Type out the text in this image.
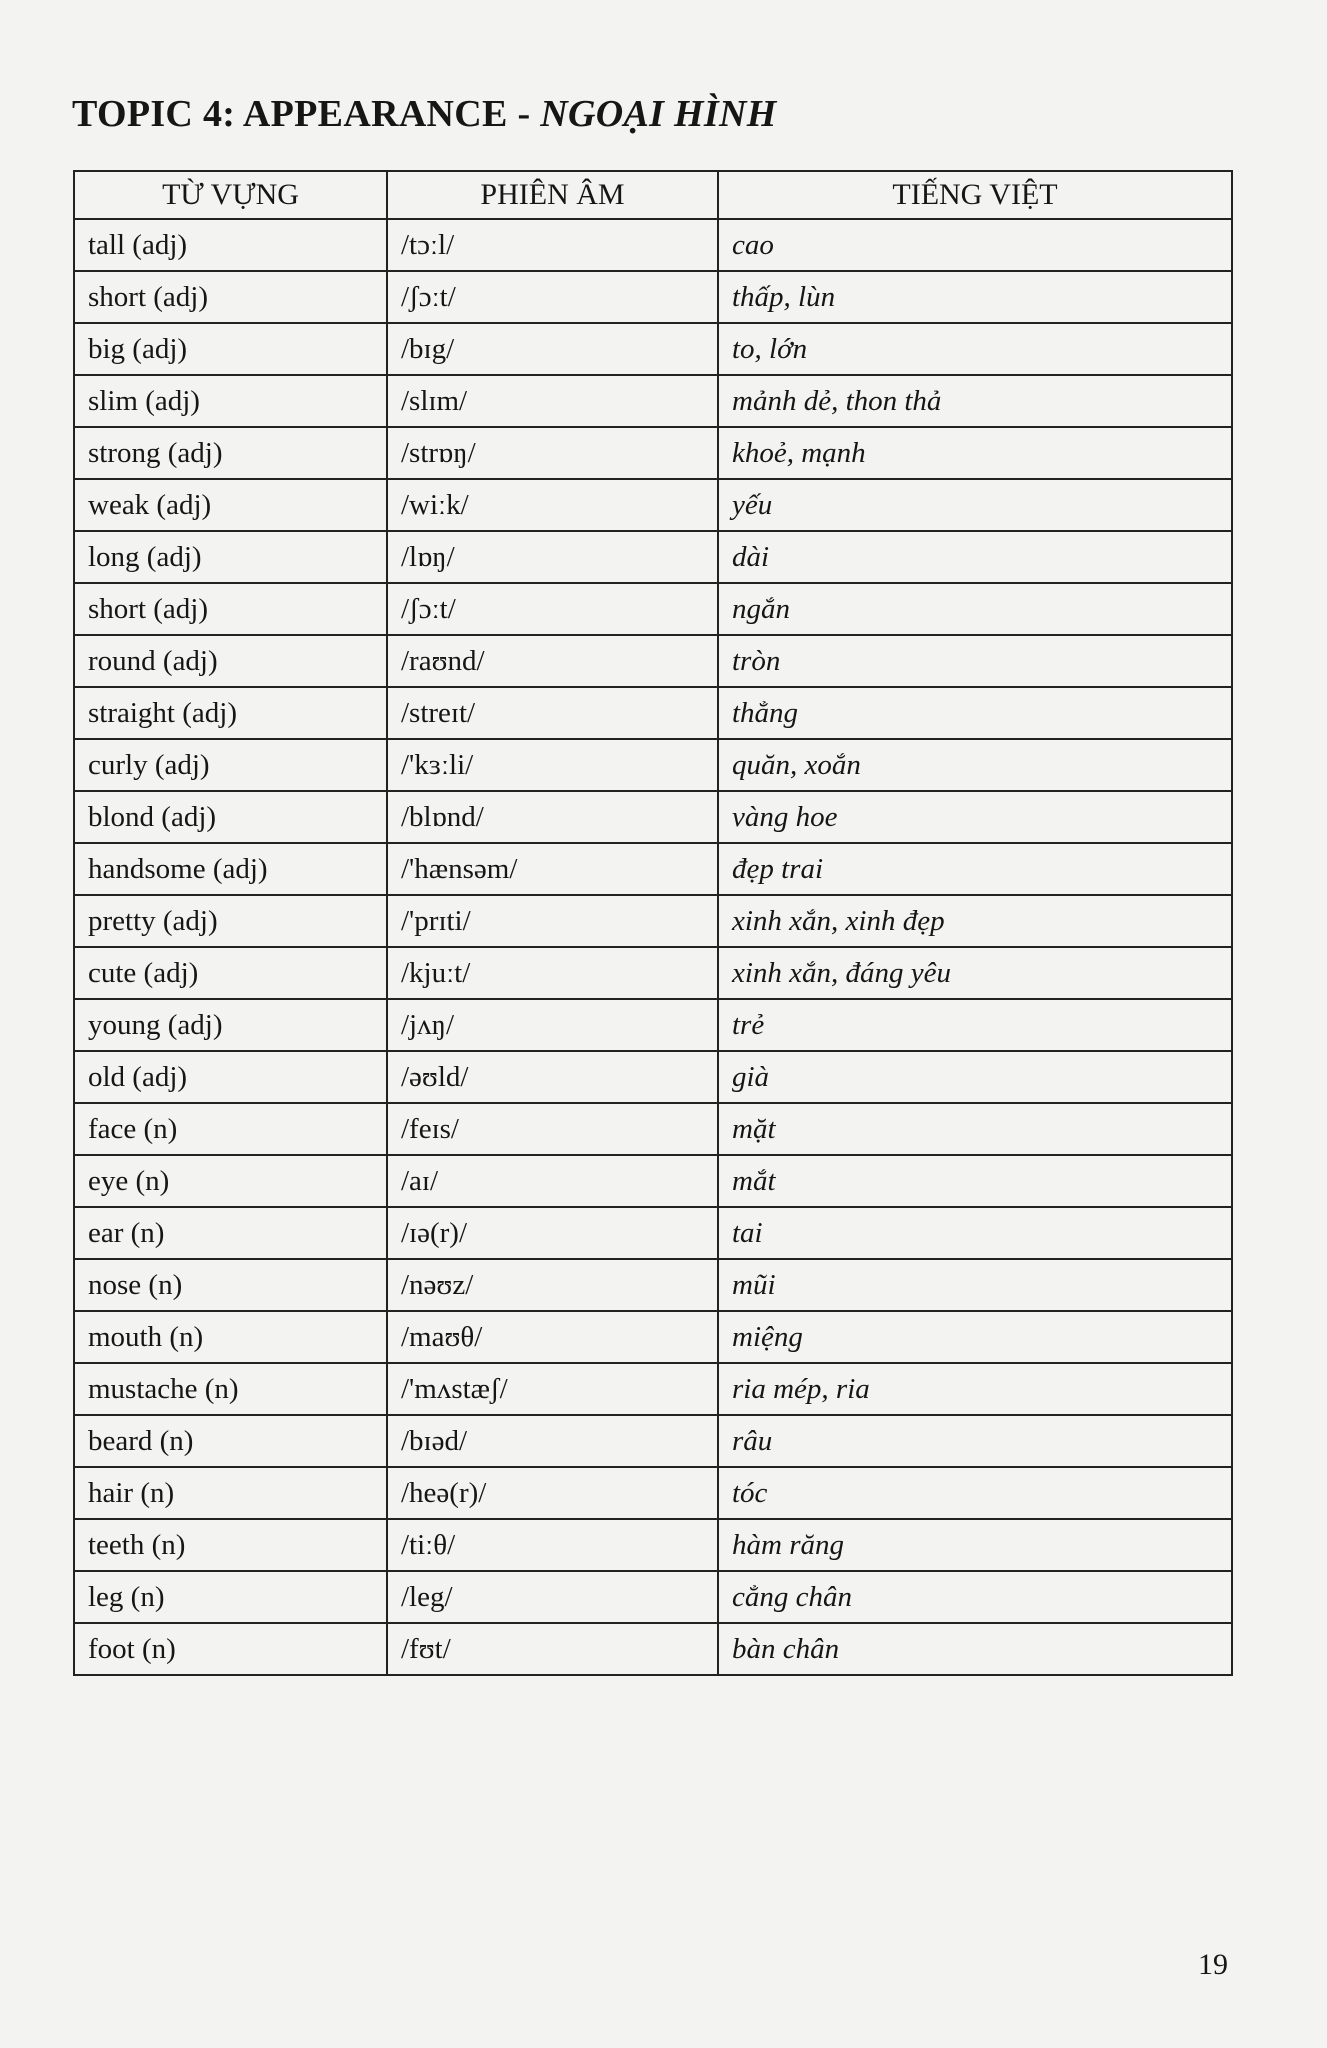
TOPIC 4: APPEARANCE - NGOẠI HÌNH
TỪ VỰNG	PHIÊN ÂM	TIẾNG VIỆT
tall (adj)	/tɔːl/	cao
short (adj)	/ʃɔːt/	thấp, lùn
big (adj)	/bɪg/	to, lớn
slim (adj)	/slɪm/	mảnh dẻ, thon thả
strong (adj)	/strɒŋ/	khoẻ, mạnh
weak (adj)	/wiːk/	yếu
long (adj)	/lɒŋ/	dài
short (adj)	/ʃɔːt/	ngắn
round (adj)	/raʊnd/	tròn
straight (adj)	/streɪt/	thẳng
curly (adj)	/'kɜːli/	quăn, xoắn
blond (adj)	/blɒnd/	vàng hoe
handsome (adj)	/'hænsəm/	đẹp trai
pretty (adj)	/'prɪti/	xinh xắn, xinh đẹp
cute (adj)	/kjuːt/	xinh xắn, đáng yêu
young (adj)	/jʌŋ/	trẻ
old (adj)	/əʊld/	già
face (n)	/feɪs/	mặt
eye (n)	/aɪ/	mắt
ear (n)	/ɪə(r)/	tai
nose (n)	/nəʊz/	mũi
mouth (n)	/maʊθ/	miệng
mustache (n)	/'mʌstæʃ/	ria mép, ria
beard (n)	/bɪəd/	râu
hair (n)	/heə(r)/	tóc
teeth (n)	/tiːθ/	hàm răng
leg (n)	/leg/	cẳng chân
foot (n)	/fʊt/	bàn chân
19
